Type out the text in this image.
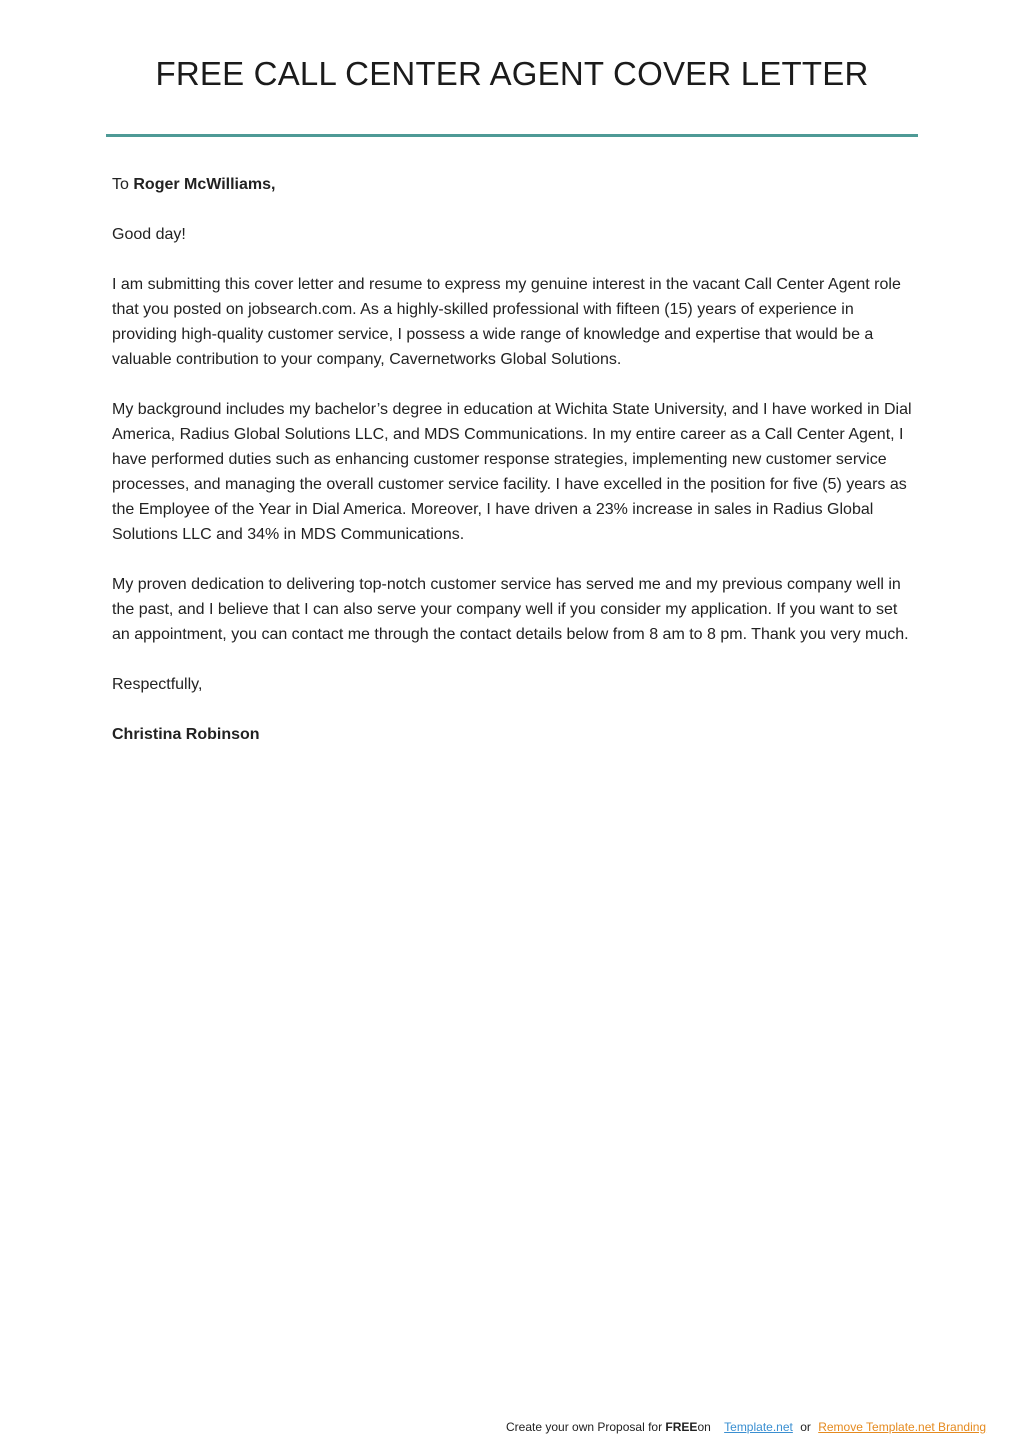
FREE CALL CENTER AGENT COVER LETTER

To Roger McWilliams,

Good day!

I am submitting this cover letter and resume to express my genuine interest in the vacant Call Center Agent role that you posted on jobsearch.com. As a highly-skilled professional with fifteen (15) years of experience in providing high-quality customer service, I possess a wide range of knowledge and expertise that would be a valuable contribution to your company, Cavernetworks Global Solutions.

My background includes my bachelor’s degree in education at Wichita State University, and I have worked in Dial America, Radius Global Solutions LLC, and MDS Communications. In my entire career as a Call Center Agent, I have performed duties such as enhancing customer response strategies, implementing new customer service processes, and managing the overall customer service facility. I have excelled in the position for five (5) years as the Employee of the Year in Dial America. Moreover, I have driven a 23% increase in sales in Radius Global Solutions LLC and 34% in MDS Communications.

My proven dedication to delivering top-notch customer service has served me and my previous company well in the past, and I believe that I can also serve your company well if you consider my application. If you want to set an appointment, you can contact me through the contact details below from 8 am to 8 pm. Thank you very much.

Respectfully,

Christina Robinson

Create your own Proposal for FREEon Template.net or Remove Template.net Branding
